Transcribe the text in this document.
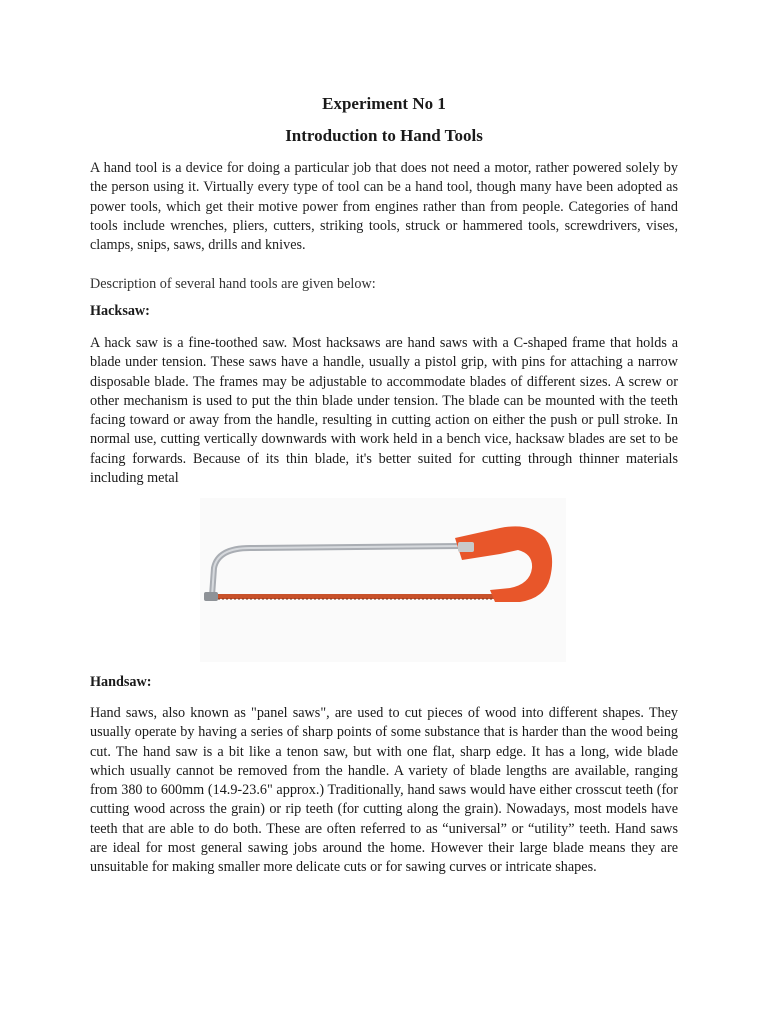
Experiment No 1
Introduction to Hand Tools

A hand tool is a device for doing a particular job that does not need a motor, rather powered solely by the person using it. Virtually every type of tool can be a hand tool, though many have been adopted as power tools, which get their motive power from engines rather than from people. Categories of hand tools include wrenches, pliers, cutters, striking tools, struck or hammered tools, screwdrivers, vises, clamps, snips, saws, drills and knives.

Description of several hand tools are given below:

Hacksaw:

A hack saw is a fine-toothed saw. Most hacksaws are hand saws with a C-shaped frame that holds a blade under tension. These saws have a handle, usually a pistol grip, with pins for attaching a narrow disposable blade. The frames may be adjustable to accommodate blades of different sizes. A screw or other mechanism is used to put the thin blade under tension. The blade can be mounted with the teeth facing toward or away from the handle, resulting in cutting action on either the push or pull stroke. In normal use, cutting vertically downwards with work held in a bench vice, hacksaw blades are set to be facing forwards. Because of its thin blade, it's better suited for cutting through thinner materials including metal

Handsaw:

Hand saws, also known as "panel saws", are used to cut pieces of wood into different shapes. They usually operate by having a series of sharp points of some substance that is harder than the wood being cut. The hand saw is a bit like a tenon saw, but with one flat, sharp edge. It has a long, wide blade which usually cannot be removed from the handle. A variety of blade lengths are available, ranging from 380 to 600mm (14.9-23.6" approx.) Traditionally, hand saws would have either crosscut teeth (for cutting wood across the grain) or rip teeth (for cutting along the grain). Nowadays, most models have teeth that are able to do both. These are often referred to as “universal” or “utility” teeth. Hand saws are ideal for most general sawing jobs around the home. However their large blade means they are unsuitable for making smaller more delicate cuts or for sawing curves or intricate shapes.
